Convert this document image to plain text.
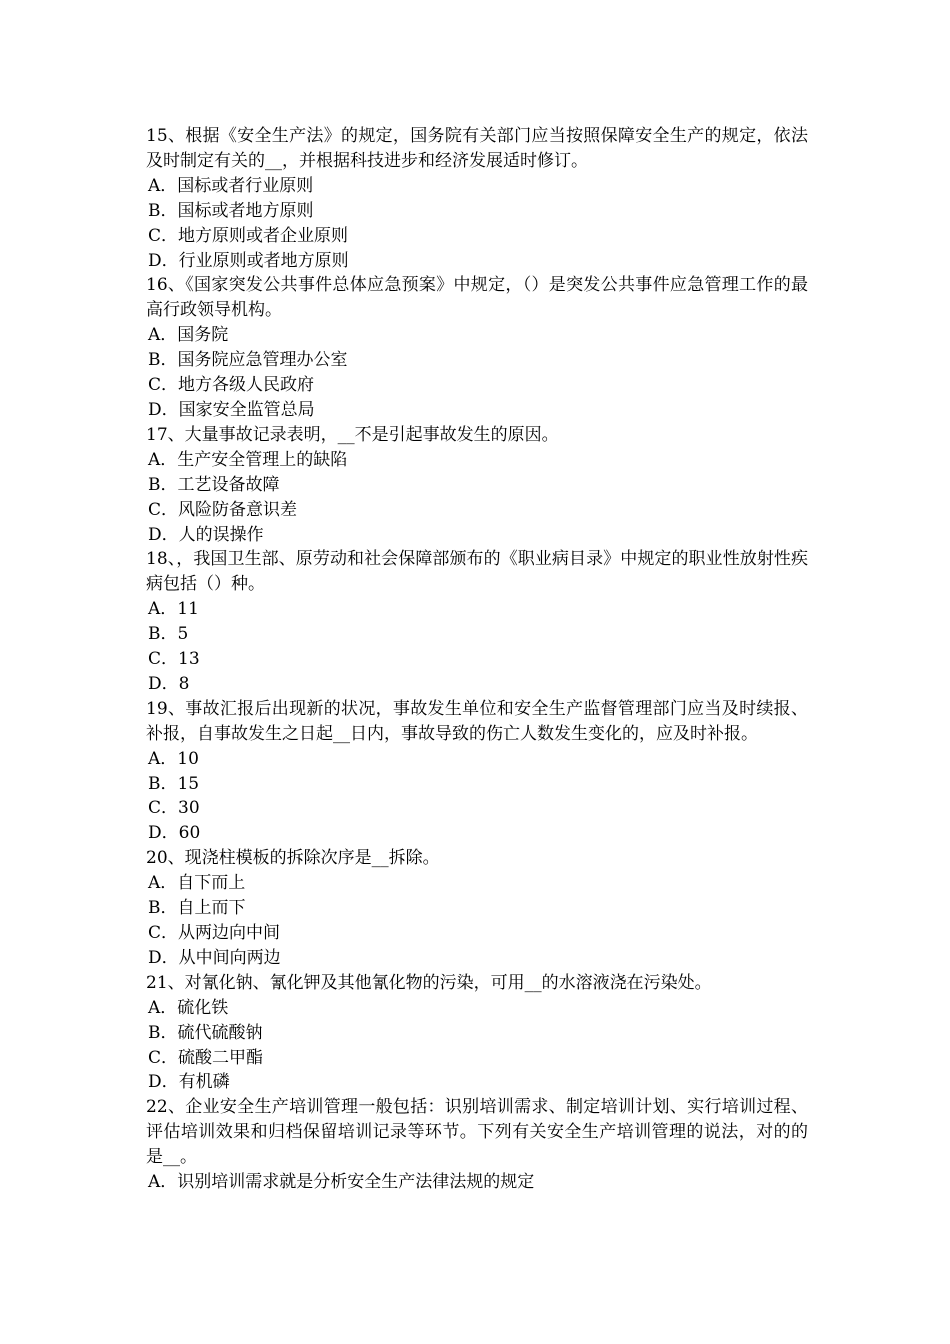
15、根据《安全生产法》的规定，国务院有关部门应当按照保障安全生产的规定，依法及时制定有关的__，并根据科技进步和经济发展适时修订。

A．国标或者行业原则
B．国标或者地方原则
C．地方原则或者企业原则
D．行业原则或者地方原则

16、《国家突发公共事件总体应急预案》中规定，（）是突发公共事件应急管理工作的最高行政领导机构。

A．国务院
B．国务院应急管理办公室
C．地方各级人民政府
D．国家安全监管总局

17、大量事故记录表明，__不是引起事故发生的原因。

A．生产安全管理上的缺陷
B．工艺设备故障
C．风险防备意识差
D．人的误操作

18、，我国卫生部、原劳动和社会保障部颁布的《职业病目录》中规定的职业性放射性疾病包括（）种。

A．11
B．5
C．13
D．8

19、事故汇报后出现新的状况，事故发生单位和安全生产监督管理部门应当及时续报、补报，自事故发生之日起__日内，事故导致的伤亡人数发生变化的，应及时补报。

A．10
B．15
C．30
D．60

20、现浇柱模板的拆除次序是__拆除。

A．自下而上
B．自上而下
C．从两边向中间
D．从中间向两边

21、对氰化钠、氰化钾及其他氰化物的污染，可用__的水溶液浇在污染处。

A．硫化铁
B．硫代硫酸钠
C．硫酸二甲酯
D．有机磷

22、企业安全生产培训管理一般包括：识别培训需求、制定培训计划、实行培训过程、评估培训效果和归档保留培训记录等环节。下列有关安全生产培训管理的说法，对的的是__。

A．识别培训需求就是分析安全生产法律法规的规定
